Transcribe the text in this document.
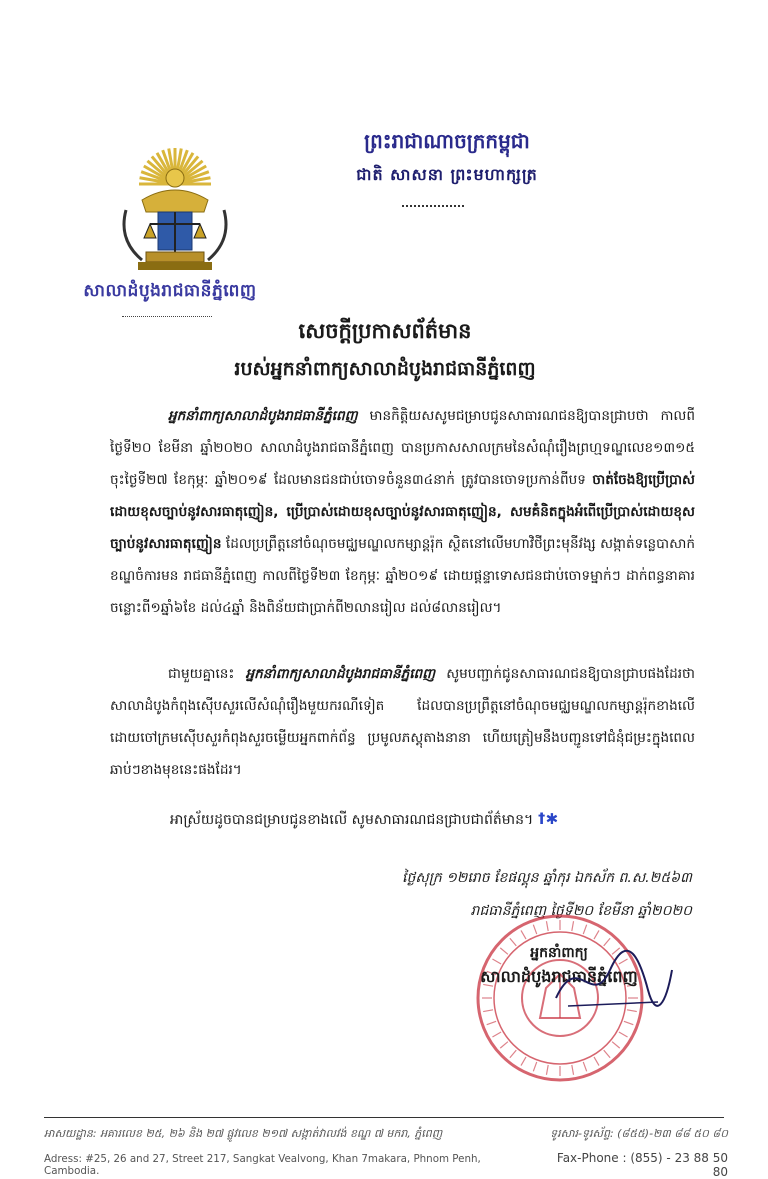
សាលាដំបូងរាជធានីភ្នំពេញ
ព្រះរាជាណាចក្រកម្ពុជា
ជាតិ សាសនា ព្រះមហាក្សត្រ
សេចក្តីប្រកាសព័ត៌មាន
របស់អ្នកនាំពាក្យសាលាដំបូងរាជធានីភ្នំពេញ
អ្នកនាំពាក្យសាលាដំបូងរាជធានីភ្នំពេញ មានកិត្តិយសសូមជម្រាបជូនសាធារណជនឱ្យបានជ្រាបថា កាលពីថ្ងៃទី២០ ខែមីនា ឆ្នាំ២០២០ សាលាដំបូងរាជធានីភ្នំពេញ បានប្រកាសសាលក្រមនៃសំណុំរឿងព្រហ្មទណ្ឌលេខ១៣១៥ ចុះថ្ងៃទី២៧ ខែកុម្ភៈ ឆ្នាំ២០១៩ ដែលមានជនជាប់ចោទចំនួន៣៤នាក់ ត្រូវបានចោទប្រកាន់ពីបទ ចាត់ចែងឱ្យប្រើប្រាស់ដោយខុសច្បាប់នូវសារធាតុញៀន, ប្រើប្រាស់ដោយខុសច្បាប់នូវសារធាតុញៀន, សមគំនិតក្នុងអំពើប្រើប្រាស់ដោយខុសច្បាប់នូវសារធាតុញៀន ដែលប្រព្រឹត្តនៅចំណុចមជ្ឈមណ្ឌលកម្សាន្តរ៉ុក ស្ថិតនៅលើមហាវិថីព្រះមុនីវង្ស សង្កាត់ទន្លេបាសាក់ ខណ្ឌចំការមន រាជធានីភ្នំពេញ កាលពីថ្ងៃទី២៣ ខែកុម្ភៈ ឆ្នាំ២០១៩ ដោយផ្តន្ទាទោសជនជាប់ចោទម្នាក់ៗ ដាក់ពន្ធនាគារចន្លោះពី១ឆ្នាំ៦ខែ ដល់៤ឆ្នាំ និងពិន័យជាប្រាក់ពី២លានរៀល ដល់៨លានរៀល។
ជាមួយគ្នានេះ អ្នកនាំពាក្យសាលាដំបូងរាជធានីភ្នំពេញ សូមបញ្ជាក់ជូនសាធារណជនឱ្យបានជ្រាបផងដែរថា សាលាដំបូងកំពុងស៊ើបសួរលើសំណុំរឿងមួយករណីទៀត ដែលបានប្រព្រឹត្តនៅចំណុចមជ្ឈមណ្ឌលកម្សាន្តរ៉ុកខាងលើ ដោយចៅក្រមស៊ើបសួរកំពុងសួរចម្លើយអ្នកពាក់ព័ន្ធ ប្រមូលភស្តុតាងនានា ហើយត្រៀមនឹងបញ្ជូនទៅជំនុំជម្រះក្នុងពេលឆាប់ៗខាងមុខនេះផងដែរ។
អាស្រ័យដូចបានជម្រាបជូនខាងលើ សូមសាធារណជនជ្រាបជាព័ត៌មាន។ ꝉ✱
ថ្ងៃសុក្រ ១២រោច ខែផល្គុន ឆ្នាំកុរ ឯកស័ក ព.ស.២៥៦៣
រាជធានីភ្នំពេញ ថ្ងៃទី២០ ខែមីនា ឆ្នាំ២០២០
អ្នកនាំពាក្យ
សាលាដំបូងរាជធានីភ្នំពេញ
អាសយដ្ឋាន: អគារលេខ ២៥, ២៦ និង ២៧ ផ្លូវលេខ ២១៧ សង្កាត់វាលវង់ ខណ្ឌ ៧ មករា, ភ្នំពេញ
Adress: #25, 26 and 27, Street 217, Sangkat Vealvong, Khan 7makara, Phnom Penh, Cambodia.
ទូរសារ-ទូរស័ព្ទ: (៨៥៥)-២៣ ៨៨ ៥០ ៨០
Fax-Phone : (855) - 23 88 50 80
